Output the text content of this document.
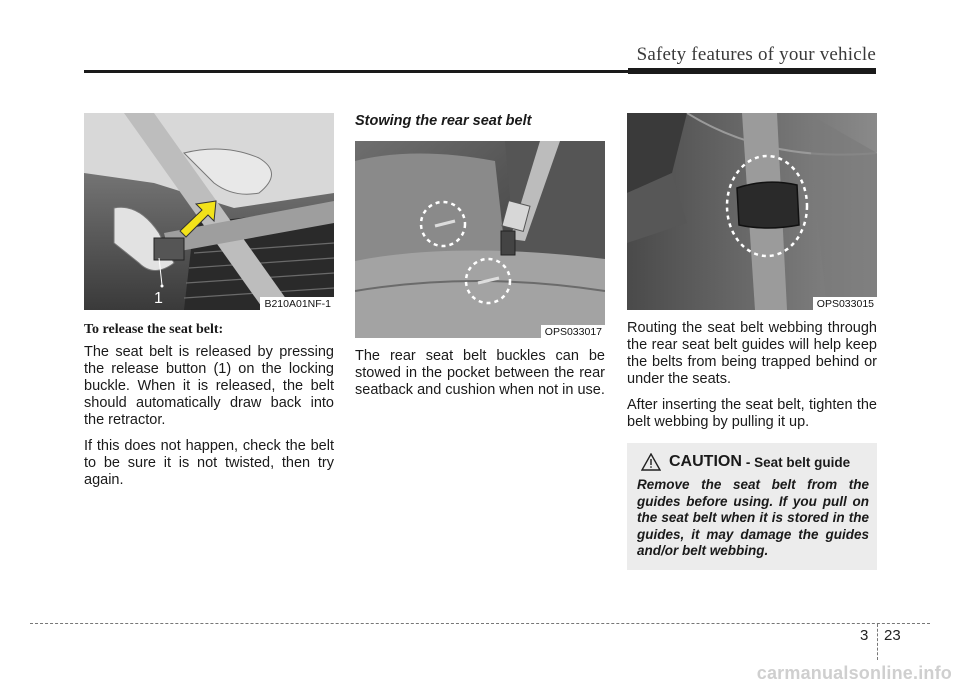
Safety features of your vehicle
1	B210A01NF-1
To release the seat belt:

The seat belt is released by pressing the release button (1) on the locking buckle. When it is released, the belt should automatically draw back into the retractor.

If this does not happen, check the belt to be sure it is not twisted, then try again.

Stowing the rear seat belt
OPS033017

The rear seat belt buckles can be stowed in the pocket between the rear seatback and cushion when not in use.

OPS033015

Routing the seat belt webbing through the rear seat belt guides will help keep the belts from being trapped behind or under the seats.

After inserting the seat belt, tighten the belt webbing by pulling it up.

CAUTION - Seat belt guide
Remove the seat belt from the guides before using. If you pull on the seat belt when it is stored in the guides, it may damage the guides and/or belt webbing.
3 23
carmanualsonline.info
